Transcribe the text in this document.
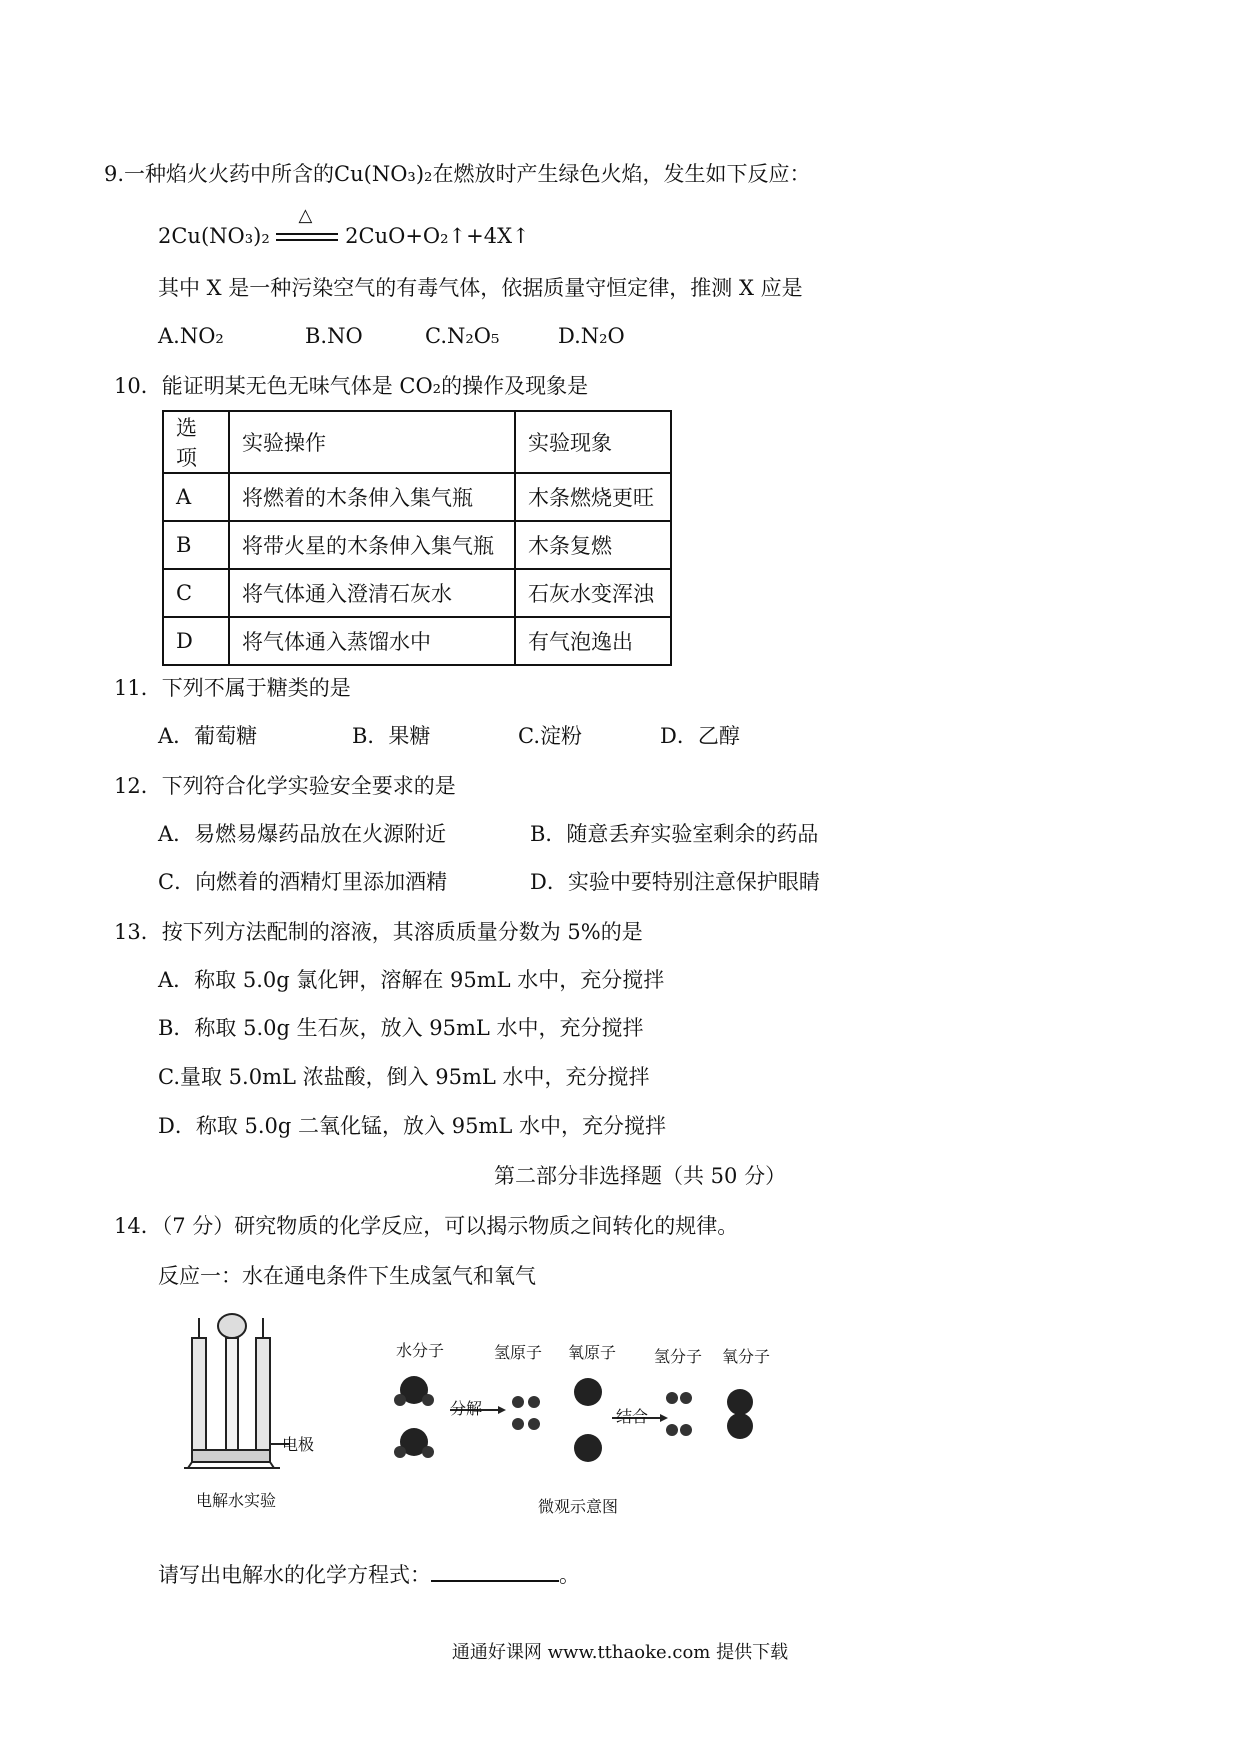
9.一种焰火火药中所含的Cu(NO₃)₂在燃放时产生绿色火焰，发生如下反应：
2Cu(NO₃)₂
△
2CuO+O₂↑+4X↑
其中 X 是一种污染空气的有毒气体，依据质量守恒定律，推测 X 应是
A.NO₂	B.NO	C.N₂O₅	D.N₂O
10．能证明某无色无味气体是 CO₂的操作及现象是
选项	实验操作	实验现象
A	将燃着的木条伸入集气瓶	木条燃烧更旺
B	将带火星的木条伸入集气瓶	木条复燃
C	将气体通入澄清石灰水	石灰水变浑浊
D	将气体通入蒸馏水中	有气泡逸出
11．下列不属于糖类的是
A．葡萄糖	B．果糖	C.淀粉	D．乙醇
12．下列符合化学实验安全要求的是
A．易燃易爆药品放在火源附近	B．随意丢弃实验室剩余的药品
C．向燃着的酒精灯里添加酒精	D．实验中要特别注意保护眼睛
13．按下列方法配制的溶液，其溶质质量分数为 5%的是
A．称取 5.0g 氯化钾，溶解在 95mL 水中，充分搅拌
B．称取 5.0g 生石灰，放入 95mL 水中，充分搅拌
C.量取 5.0mL 浓盐酸，倒入 95mL 水中，充分搅拌
D．称取 5.0g 二氧化锰，放入 95mL 水中，充分搅拌
第二部分非选择题（共 50 分）
14．（7 分）研究物质的化学反应，可以揭示物质之间转化的规律。
反应一：水在通电条件下生成氢气和氧气
电极
电解水实验
水分子	氢原子 氧原子 氢分子 氧分子
分解	结合
微观示意图
请写出电解水的化学方程式：	。
通通好课网 www.tthaoke.com 提供下载
